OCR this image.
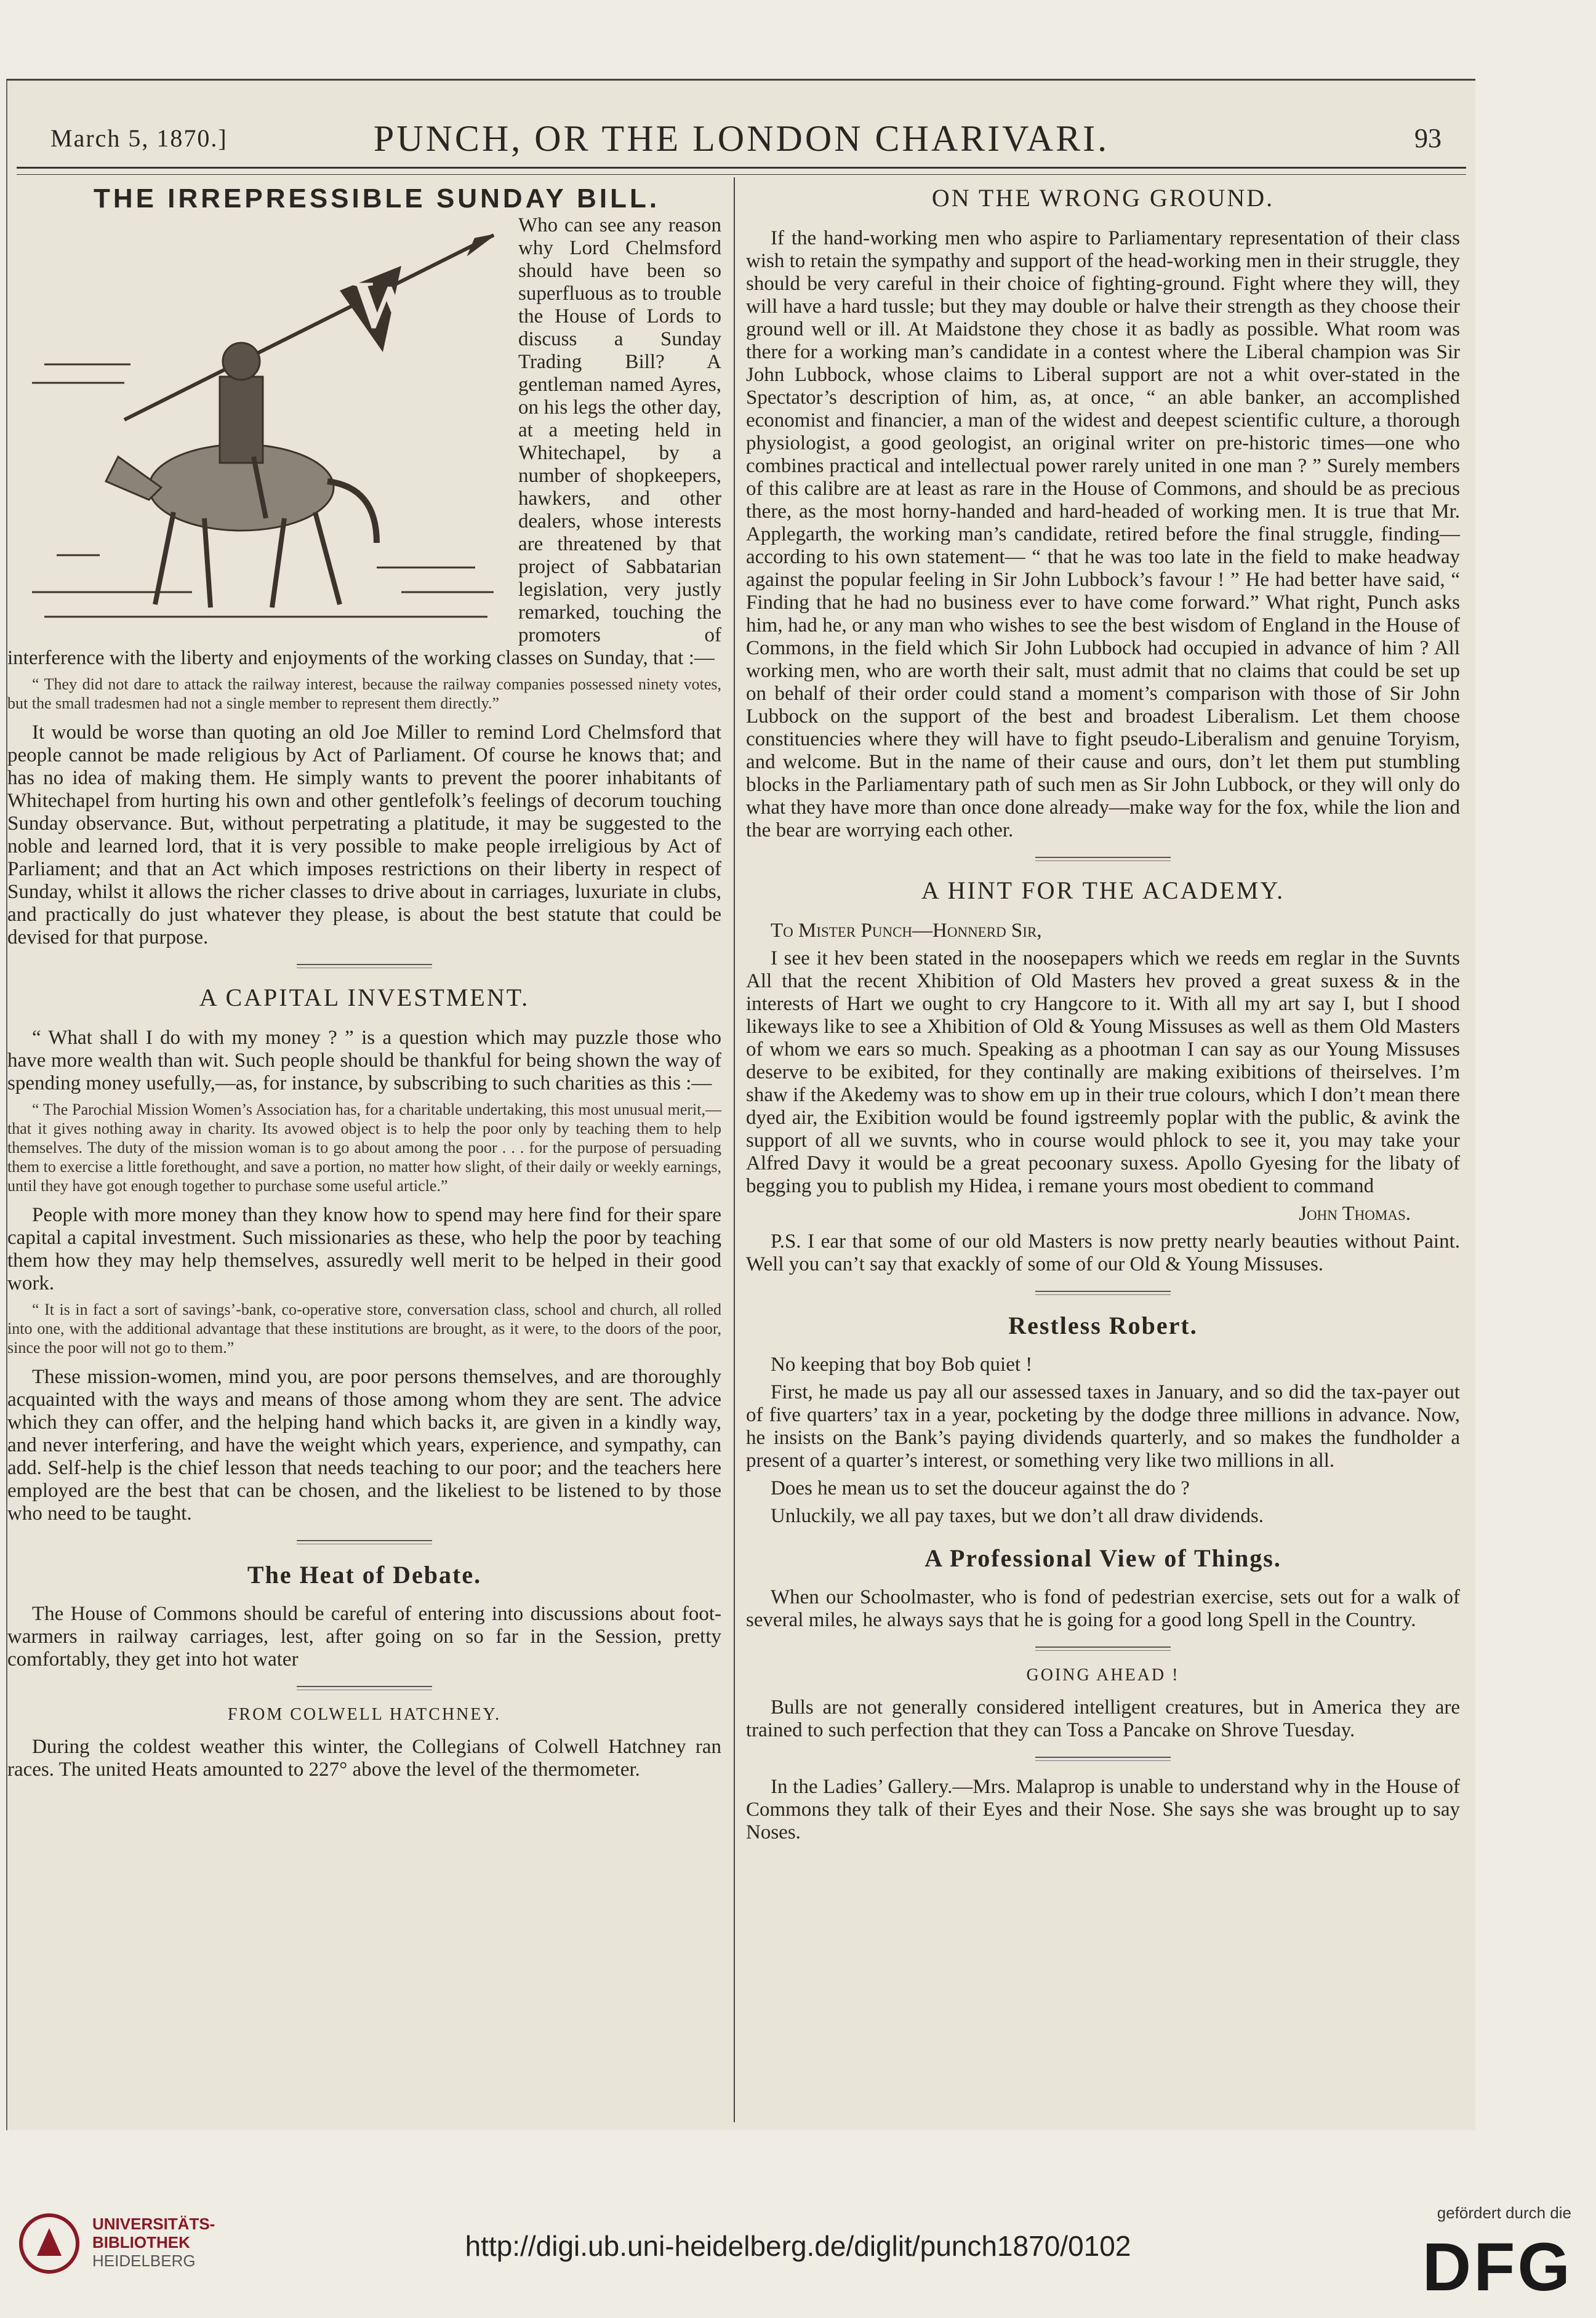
March 5, 1870.]	PUNCH, OR THE LONDON CHARIVARI.	93
THE IRREPRESSIBLE SUNDAY BILL.
W
Who can see any reason why Lord Chelmsford should have been so superfluous as to trouble the House of Lords to discuss a Sunday Trading Bill? A gentleman named Ayres, on his legs the other day, at a meeting held in Whitechapel, by a number of shopkeepers, hawkers, and other dealers, whose interests are threatened by that project of Sabbatarian legislation, very justly remarked, touching the promoters of interference with the liberty and enjoyments of the working classes on Sunday, that :—

“ They did not dare to attack the railway interest, because the railway companies possessed ninety votes, but the small tradesmen had not a single member to represent them directly.”

It would be worse than quoting an old Joe Miller to remind Lord Chelmsford that people cannot be made religious by Act of Parliament. Of course he knows that; and has no idea of making them. He simply wants to prevent the poorer inhabitants of Whitechapel from hurting his own and other gentlefolk’s feelings of decorum touching Sunday observance. But, without perpetrating a platitude, it may be suggested to the noble and learned lord, that it is very possible to make people irreligious by Act of Parliament; and that an Act which imposes restrictions on their liberty in respect of Sunday, whilst it allows the richer classes to drive about in carriages, luxuriate in clubs, and practically do just whatever they please, is about the best statute that could be devised for that purpose.

A CAPITAL INVESTMENT.

“ What shall I do with my money ? ” is a question which may puzzle those who have more wealth than wit. Such people should be thankful for being shown the way of spending money usefully,—as, for instance, by subscribing to such charities as this :—

“ The Parochial Mission Women’s Association has, for a charitable undertaking, this most unusual merit,—that it gives nothing away in charity. Its avowed object is to help the poor only by teaching them to help themselves. The duty of the mission woman is to go about among the poor . . . for the purpose of persuading them to exercise a little forethought, and save a portion, no matter how slight, of their daily or weekly earnings, until they have got enough together to purchase some useful article.”

People with more money than they know how to spend may here find for their spare capital a capital investment. Such missionaries as these, who help the poor by teaching them how they may help themselves, assuredly well merit to be helped in their good work.

“ It is in fact a sort of savings’-bank, co-operative store, conversation class, school and church, all rolled into one, with the additional advantage that these institutions are brought, as it were, to the doors of the poor, since the poor will not go to them.”

These mission-women, mind you, are poor persons themselves, and are thoroughly acquainted with the ways and means of those among whom they are sent. The advice which they can offer, and the helping hand which backs it, are given in a kindly way, and never interfering, and have the weight which years, experience, and sympathy, can add. Self-help is the chief lesson that needs teaching to our poor; and the teachers here employed are the best that can be chosen, and the likeliest to be listened to by those who need to be taught.

The Heat of Debate.

The House of Commons should be careful of entering into discussions about foot-warmers in railway carriages, lest, after going on so far in the Session, pretty comfortably, they get into hot water

FROM COLWELL HATCHNEY.

During the coldest weather this winter, the Collegians of Colwell Hatchney ran races. The united Heats amounted to 227° above the level of the thermometer.

ON THE WRONG GROUND.

If the hand-working men who aspire to Parliamentary representation of their class wish to retain the sympathy and support of the head-working men in their struggle, they should be very careful in their choice of fighting-ground. Fight where they will, they will have a hard tussle; but they may double or halve their strength as they choose their ground well or ill. At Maidstone they chose it as badly as possible. What room was there for a working man’s candidate in a contest where the Liberal champion was Sir John Lubbock, whose claims to Liberal support are not a whit over-stated in the Spectator’s description of him, as, at once, “ an able banker, an accomplished economist and financier, a man of the widest and deepest scientific culture, a thorough physiologist, a good geologist, an original writer on pre-historic times—one who combines practical and intellectual power rarely united in one man ? ” Surely members of this calibre are at least as rare in the House of Commons, and should be as precious there, as the most horny-handed and hard-headed of working men. It is true that Mr. Applegarth, the working man’s candidate, retired before the final struggle, finding—according to his own statement— “ that he was too late in the field to make headway against the popular feeling in Sir John Lubbock’s favour ! ” He had better have said, “ Finding that he had no business ever to have come forward.” What right, Punch asks him, had he, or any man who wishes to see the best wisdom of England in the House of Commons, in the field which Sir John Lubbock had occupied in advance of him ? All working men, who are worth their salt, must admit that no claims that could be set up on behalf of their order could stand a moment’s comparison with those of Sir John Lubbock on the support of the best and broadest Liberalism. Let them choose constituencies where they will have to fight pseudo-Liberalism and genuine Toryism, and welcome. But in the name of their cause and ours, don’t let them put stumbling blocks in the Parliamentary path of such men as Sir John Lubbock, or they will only do what they have more than once done already—make way for the fox, while the lion and the bear are worrying each other.

A HINT FOR THE ACADEMY.

To Mister Punch—Honnerd Sir,

I see it hev been stated in the noosepapers which we reeds em reglar in the Suvnts All that the recent Xhibition of Old Masters hev proved a great suxess & in the interests of Hart we ought to cry Hangcore to it. With all my art say I, but I shood likeways like to see a Xhibition of Old & Young Missuses as well as them Old Masters of whom we ears so much. Speaking as a phootman I can say as our Young Missuses deserve to be exibited, for they continally are making exibitions of theirselves. I’m shaw if the Akedemy was to show em up in their true colours, which I don’t mean there dyed air, the Exibition would be found igstreemly poplar with the public, & avink the support of all we suvnts, who in course would phlock to see it, you may take your Alfred Davy it would be a great pecoonary suxess. Apollo Gyesing for the libaty of begging you to publish my Hidea, i remane yours most obedient to command

John Thomas.

P.S. I ear that some of our old Masters is now pretty nearly beauties without Paint. Well you can’t say that exackly of some of our Old & Young Missuses.

Restless Robert.

No keeping that boy Bob quiet !

First, he made us pay all our assessed taxes in January, and so did the tax-payer out of five quarters’ tax in a year, pocketing by the dodge three millions in advance. Now, he insists on the Bank’s paying dividends quarterly, and so makes the fundholder a present of a quarter’s interest, or something very like two millions in all.

Does he mean us to set the douceur against the do ?

Unluckily, we all pay taxes, but we don’t all draw dividends.

A Professional View of Things.

When our Schoolmaster, who is fond of pedestrian exercise, sets out for a walk of several miles, he always says that he is going for a good long Spell in the Country.

GOING AHEAD !

Bulls are not generally considered intelligent creatures, but in America they are trained to such perfection that they can Toss a Pancake on Shrove Tuesday.

In the Ladies’ Gallery.—Mrs. Malaprop is unable to understand why in the House of Commons they talk of their Eyes and their Nose. She says she was brought up to say Noses.

UNIVERSITÄTS-
BIBLIOTHEK
HEIDELBERG	http://digi.ub.uni-heidelberg.de/diglit/punch1870/0102
gefördert durch die
DFG
